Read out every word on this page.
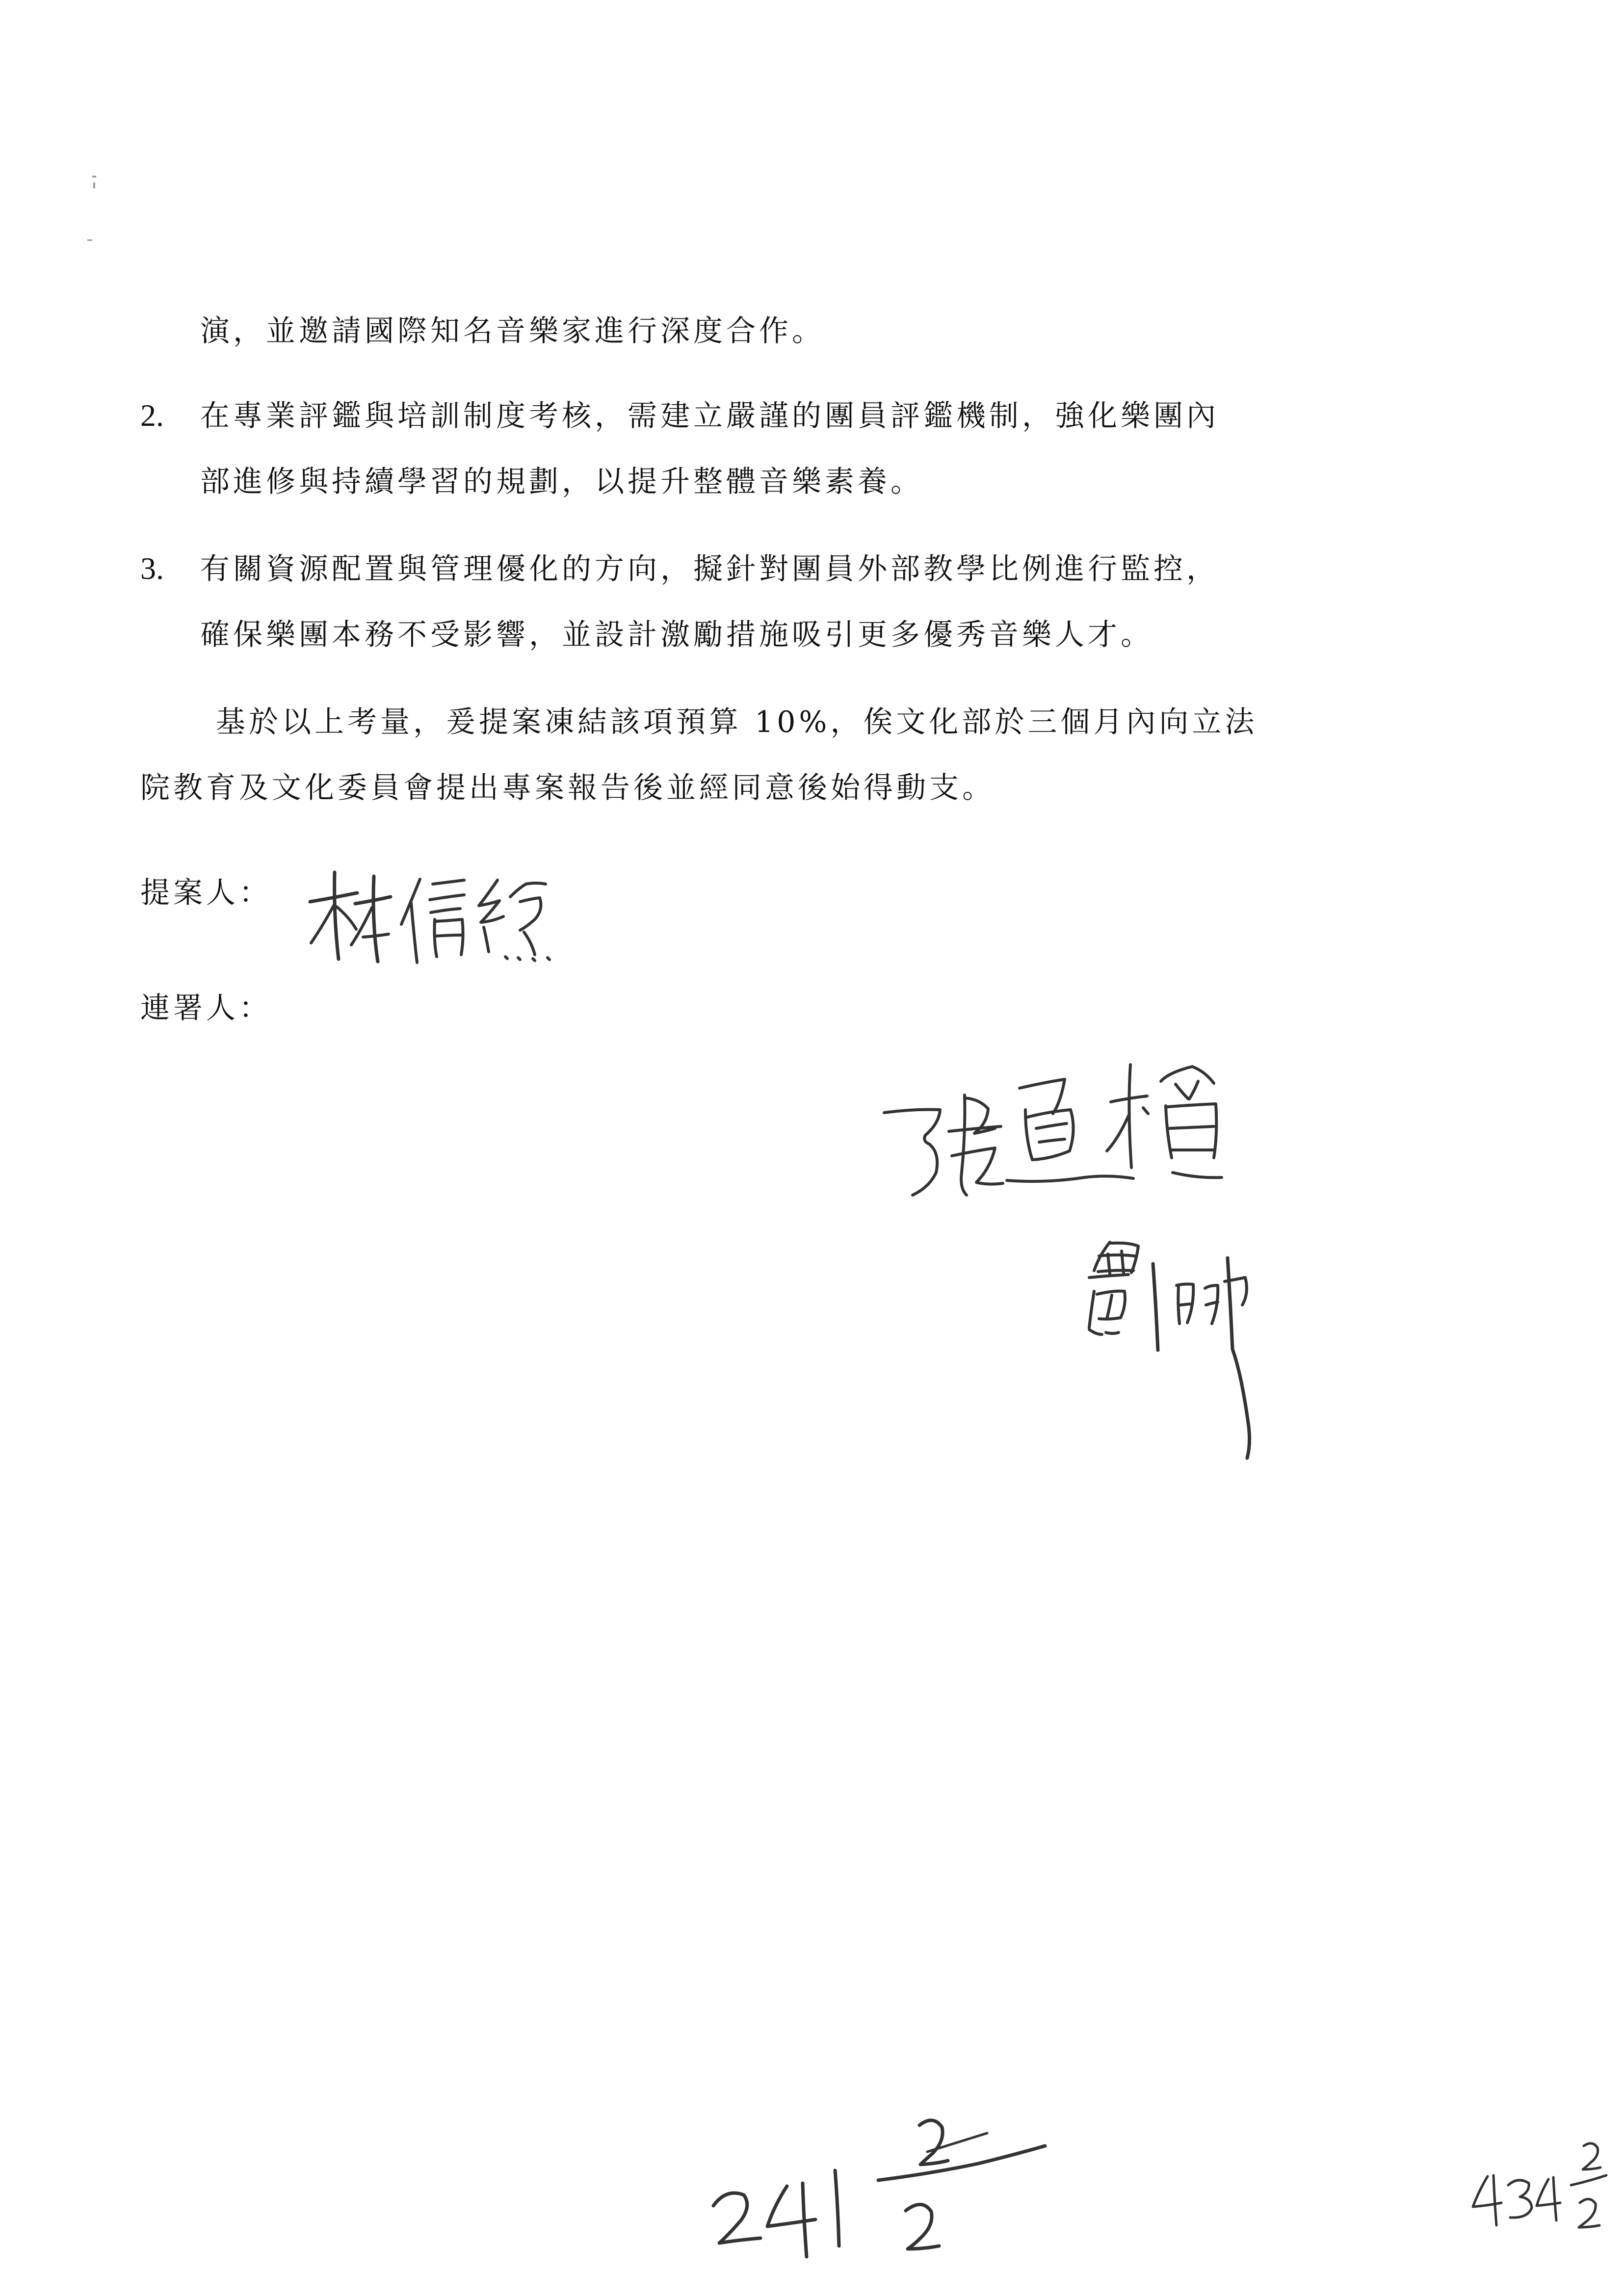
演，並邀請國際知名音樂家進行深度合作。
2. 在專業評鑑與培訓制度考核，需建立嚴謹的團員評鑑機制，強化樂團內
部進修與持續學習的規劃，以提升整體音樂素養。
3. 有關資源配置與管理優化的方向，擬針對團員外部教學比例進行監控，
確保樂團本務不受影響，並設計激勵措施吸引更多優秀音樂人才。
基於以上考量，爰提案凍結該項預算 10%，俟文化部於三個月內向立法
院教育及文化委員會提出專案報告後並經同意後始得動支。
提案人：
連署人：
